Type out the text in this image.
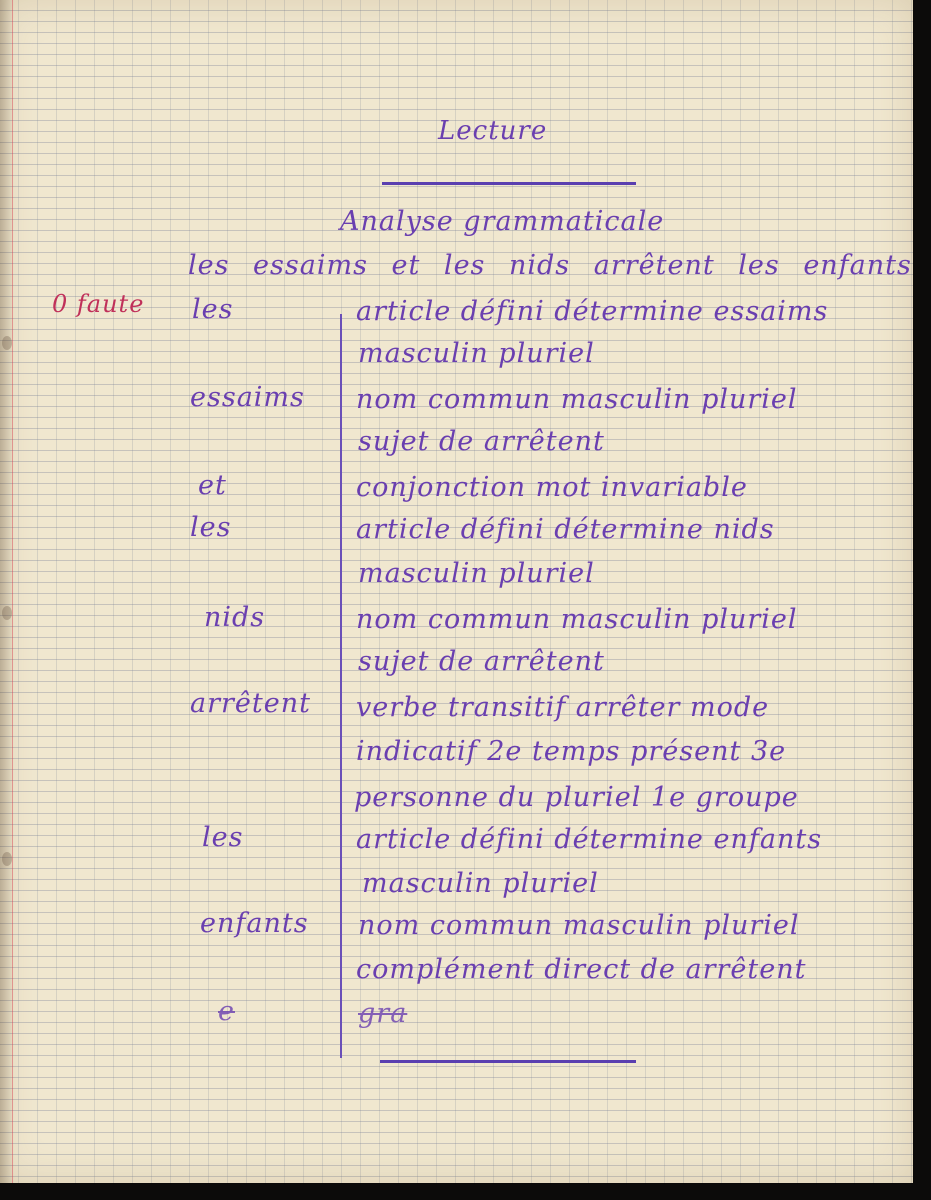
Lecture
Analyse grammaticale
les essaims et les nids arrêtent les enfants
0 faute les	article défini détermine essaims
masculin pluriel
essaims nom commun masculin pluriel
sujet de arrêtent
et	conjonction mot invariable
les	article défini détermine nids
masculin pluriel
nids	nom commun masculin pluriel
sujet de arrêtent
arrêtent verbe transitif arrêter mode
indicatif 2e temps présent 3e
personne du pluriel 1e groupe
les	article défini détermine enfants
masculin pluriel
enfants nom commun masculin pluriel
complément direct de arrêtent
e	gra
